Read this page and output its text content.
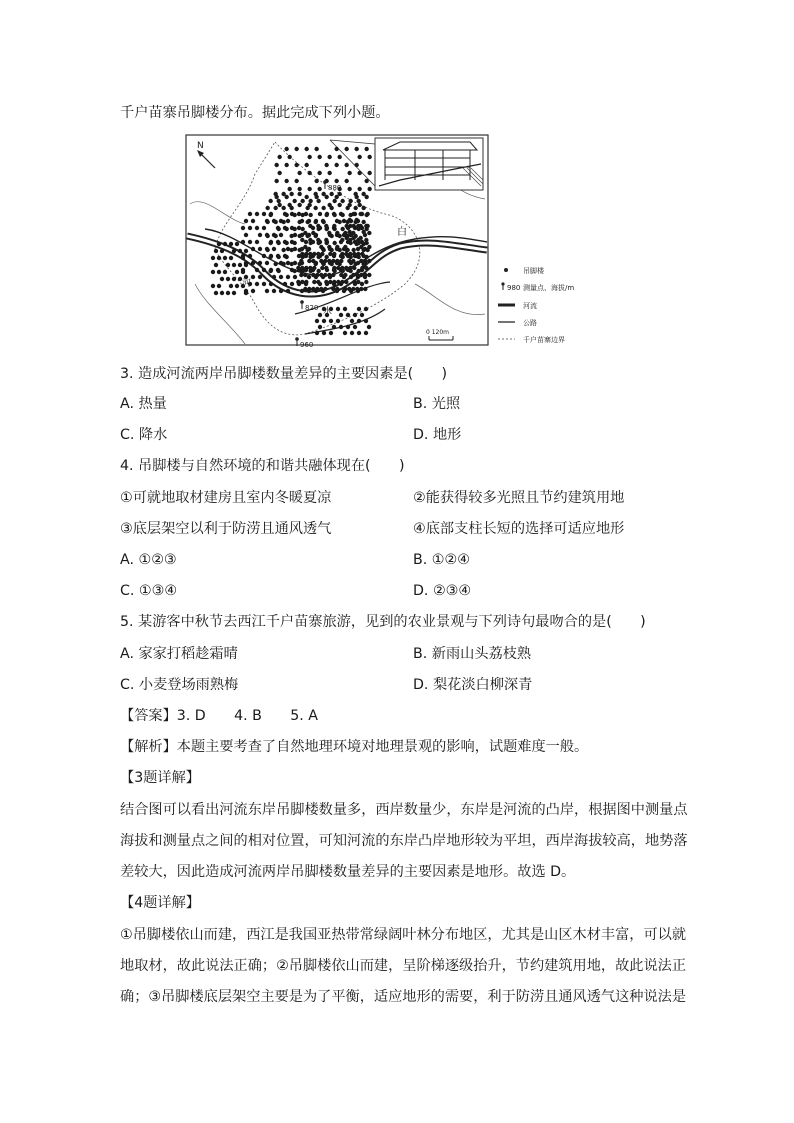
千户苗寨吊脚楼分布。据此完成下列小题。
N
880
820
960
白
河
水
0 120m
吊脚楼
980 测量点、海拔/m
河流
公路
千户苗寨边界
3. 造成河流两岸吊脚楼数量差异的主要因素是(　　)
A. 热量	B. 光照
C. 降水	D. 地形
4. 吊脚楼与自然环境的和谐共融体现在(　　)
①可就地取材建房且室内冬暖夏凉	②能获得较多光照且节约建筑用地
③底层架空以利于防涝且通风透气	④底部支柱长短的选择可适应地形
A. ①②③	B. ①②④
C. ①③④	D. ②③④
5. 某游客中秋节去西江千户苗寨旅游，见到的农业景观与下列诗句最吻合的是(　　)
A. 家家打稻趁霜晴	B. 新雨山头荔枝熟
C. 小麦登场雨熟梅	D. 梨花淡白柳深青
【答案】3. D　　4. B　　5. A
【解析】本题主要考查了自然地理环境对地理景观的影响，试题难度一般。
【3题详解】
结合图可以看出河流东岸吊脚楼数量多，西岸数量少，东岸是河流的凸岸，根据图中测量点
海拔和测量点之间的相对位置，可知河流的东岸凸岸地形较为平坦，西岸海拔较高，地势落
差较大，因此造成河流两岸吊脚楼数量差异的主要因素是地形。故选 D。
【4题详解】
①吊脚楼依山而建，西江是我国亚热带常绿阔叶林分布地区，尤其是山区木材丰富，可以就
地取材，故此说法正确；②吊脚楼依山而建，呈阶梯逐级抬升，节约建筑用地，故此说法正
确；③吊脚楼底层架空主要是为了平衡，适应地形的需要，利于防涝且通风透气这种说法是
